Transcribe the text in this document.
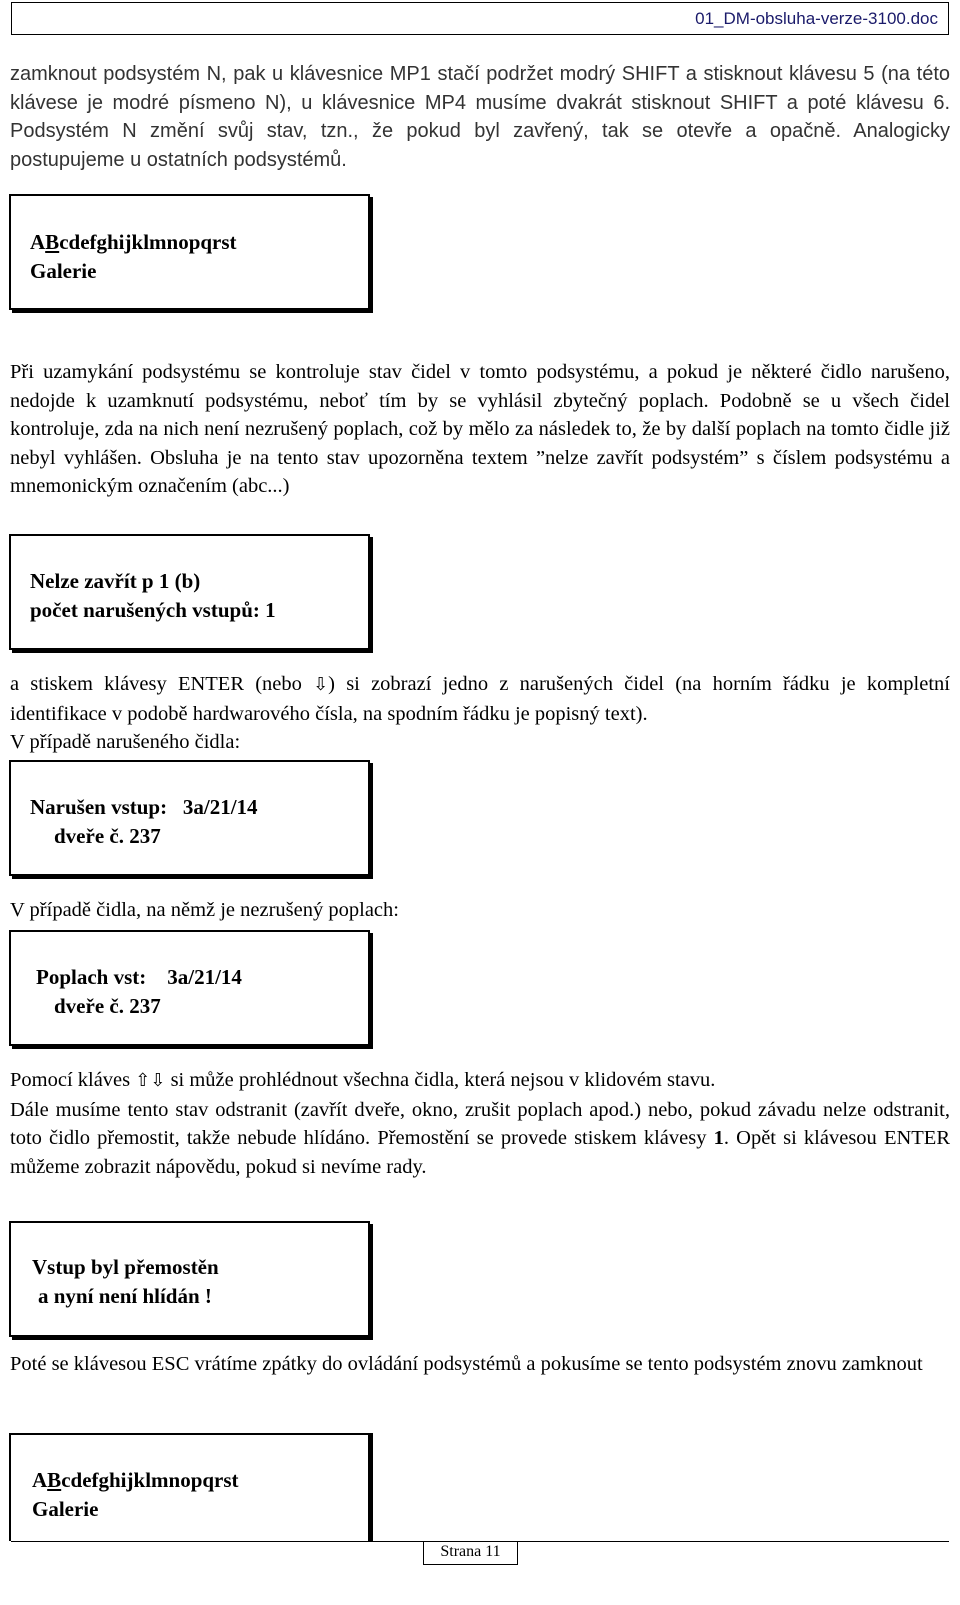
01_DM-obsluha-verze-3100.doc
zamknout podsystém N, pak u klávesnice MP1 stačí podržet modrý SHIFT a stisknout klávesu 5 (na této klávese je modré písmeno N), u klávesnice MP4 musíme dvakrát stisknout SHIFT a poté klávesu 6. Podsystém N změní svůj stav, tzn., že pokud byl zavřený, tak se otevře a opačně. Analogicky postupujeme u ostatních podsystémů.
ABcdefghijklmnopqrst
Galerie
Při uzamykání podsystému se kontroluje stav čidel v tomto podsystému, a pokud je některé čidlo narušeno, nedojde k uzamknutí podsystému, neboť tím by se vyhlásil zbytečný poplach. Podobně se u všech čidel kontroluje, zda na nich není nezrušený poplach, což by mělo za následek to, že by další poplach na tomto čidle již nebyl vyhlášen. Obsluha je na tento stav upozorněna textem ”nelze zavřít podsystém” s číslem podsystému a mnemonickým označením (abc...)
Nelze zavřít p 1 (b)
počet narušených vstupů: 1
a stiskem klávesy ENTER (nebo ⇩) si zobrazí jedno z narušených čidel (na horním řádku je kompletní identifikace v podobě hardwarového čísla, na spodním řádku je popisný text).
V případě narušeného čidla:
Narušen vstup:   3a/21/14
dveře č. 237
V případě čidla, na němž je nezrušený poplach:
Poplach vst:    3a/21/14
dveře č. 237
Pomocí kláves ⇧⇩ si může prohlédnout všechna čidla, která nejsou v klidovém stavu.
Dále musíme tento stav odstranit (zavřít dveře, okno, zrušit poplach apod.) nebo, pokud závadu nelze odstranit, toto čidlo přemostit, takže nebude hlídáno. Přemostění se provede stiskem klávesy 1. Opět si klávesou ENTER můžeme zobrazit nápovědu, pokud si nevíme rady.
Vstup byl přemostěn
a nyní není hlídán !
Poté se klávesou ESC vrátíme zpátky do ovládání podsystémů a pokusíme se tento podsystém znovu zamknout
ABcdefghijklmnopqrst
Galerie
Strana 11
